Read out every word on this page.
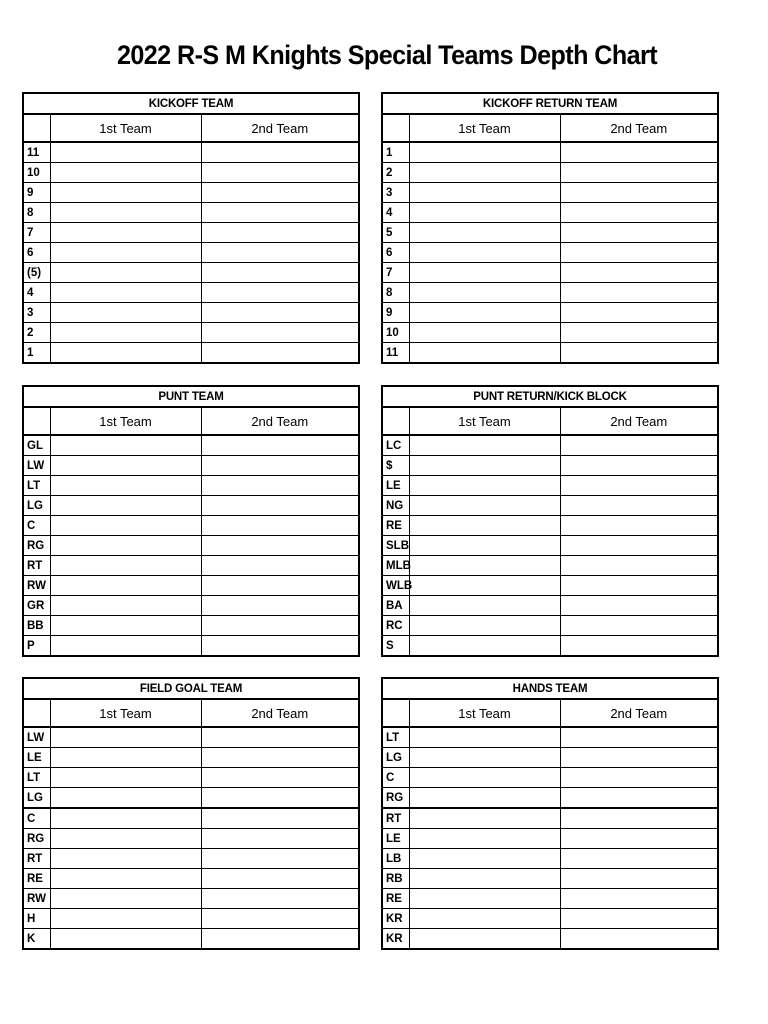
2022 R-S M Knights Special Teams Depth Chart
KICKOFF TEAM		
	1st Team	2nd Team
11		
10		
9		
8		
7		
6		
(5)		
4		
3		
2		
1		
KICKOFF RETURN TEAM		
	1st Team	2nd Team
1		
2		
3		
4		
5		
6		
7		
8		
9		
10		
11		
PUNT TEAM		
	1st Team	2nd Team
GL		
LW		
LT		
LG		
C		
RG		
RT		
RW		
GR		
BB		
P		
PUNT RETURN/KICK BLOCK		
	1st Team	2nd Team
LC		
$		
LE		
NG		
RE		
SLB		
MLB		
WLB		
BA		
RC		
S		
FIELD GOAL TEAM		
	1st Team	2nd Team
LW		
LE		
LT		
LG		
C		
RG		
RT		
RE		
RW		
H		
K		
HANDS TEAM		
	1st Team	2nd Team
LT		
LG		
C		
RG		
RT		
LE		
LB		
RB		
RE		
KR		
KR		
